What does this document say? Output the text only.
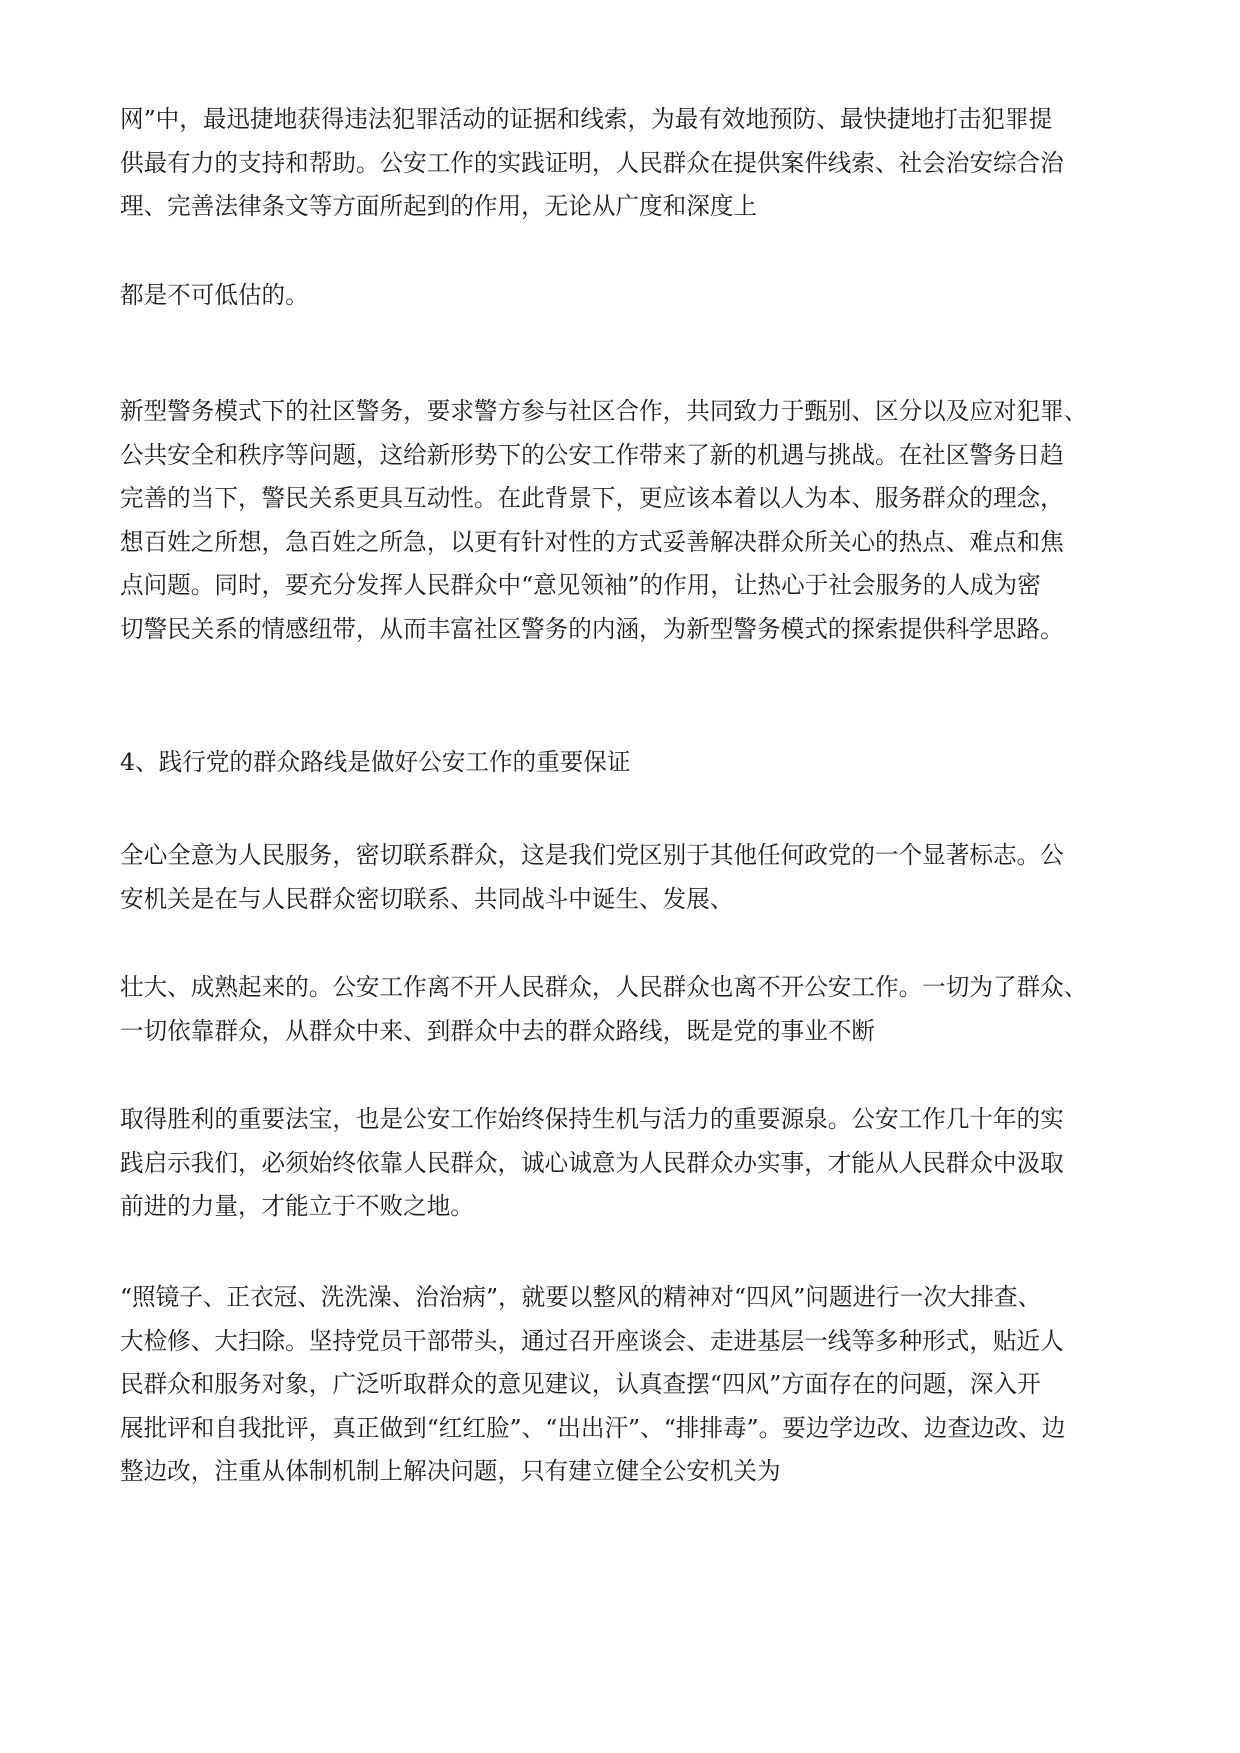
网”中，最迅捷地获得违法犯罪活动的证据和线索，为最有效地预防、最快捷地打击犯罪提
供最有力的支持和帮助。公安工作的实践证明，人民群众在提供案件线索、社会治安综合治
理、完善法律条文等方面所起到的作用，无论从广度和深度上

都是不可低估的。

新型警务模式下的社区警务，要求警方参与社区合作，共同致力于甄别、区分以及应对犯罪、
公共安全和秩序等问题，这给新形势下的公安工作带来了新的机遇与挑战。在社区警务日趋
完善的当下，警民关系更具互动性。在此背景下，更应该本着以人为本、服务群众的理念，
想百姓之所想，急百姓之所急，以更有针对性的方式妥善解决群众所关心的热点、难点和焦
点问题。同时，要充分发挥人民群众中“意见领袖”的作用，让热心于社会服务的人成为密
切警民关系的情感纽带，从而丰富社区警务的内涵，为新型警务模式的探索提供科学思路。

4、践行党的群众路线是做好公安工作的重要保证

全心全意为人民服务，密切联系群众，这是我们党区别于其他任何政党的一个显著标志。公
安机关是在与人民群众密切联系、共同战斗中诞生、发展、

壮大、成熟起来的。公安工作离不开人民群众，人民群众也离不开公安工作。一切为了群众、
一切依靠群众，从群众中来、到群众中去的群众路线，既是党的事业不断

取得胜利的重要法宝，也是公安工作始终保持生机与活力的重要源泉。公安工作几十年的实
践启示我们，必须始终依靠人民群众，诚心诚意为人民群众办实事，才能从人民群众中汲取
前进的力量，才能立于不败之地。

“照镜子、正衣冠、洗洗澡、治治病”，就要以整风的精神对“四风”问题进行一次大排查、
大检修、大扫除。坚持党员干部带头，通过召开座谈会、走进基层一线等多种形式，贴近人
民群众和服务对象，广泛听取群众的意见建议，认真查摆“四风”方面存在的问题，深入开
展批评和自我批评，真正做到“红红脸”、“出出汗”、“排排毒”。要边学边改、边查边改、边
整边改，注重从体制机制上解决问题，只有建立健全公安机关为
